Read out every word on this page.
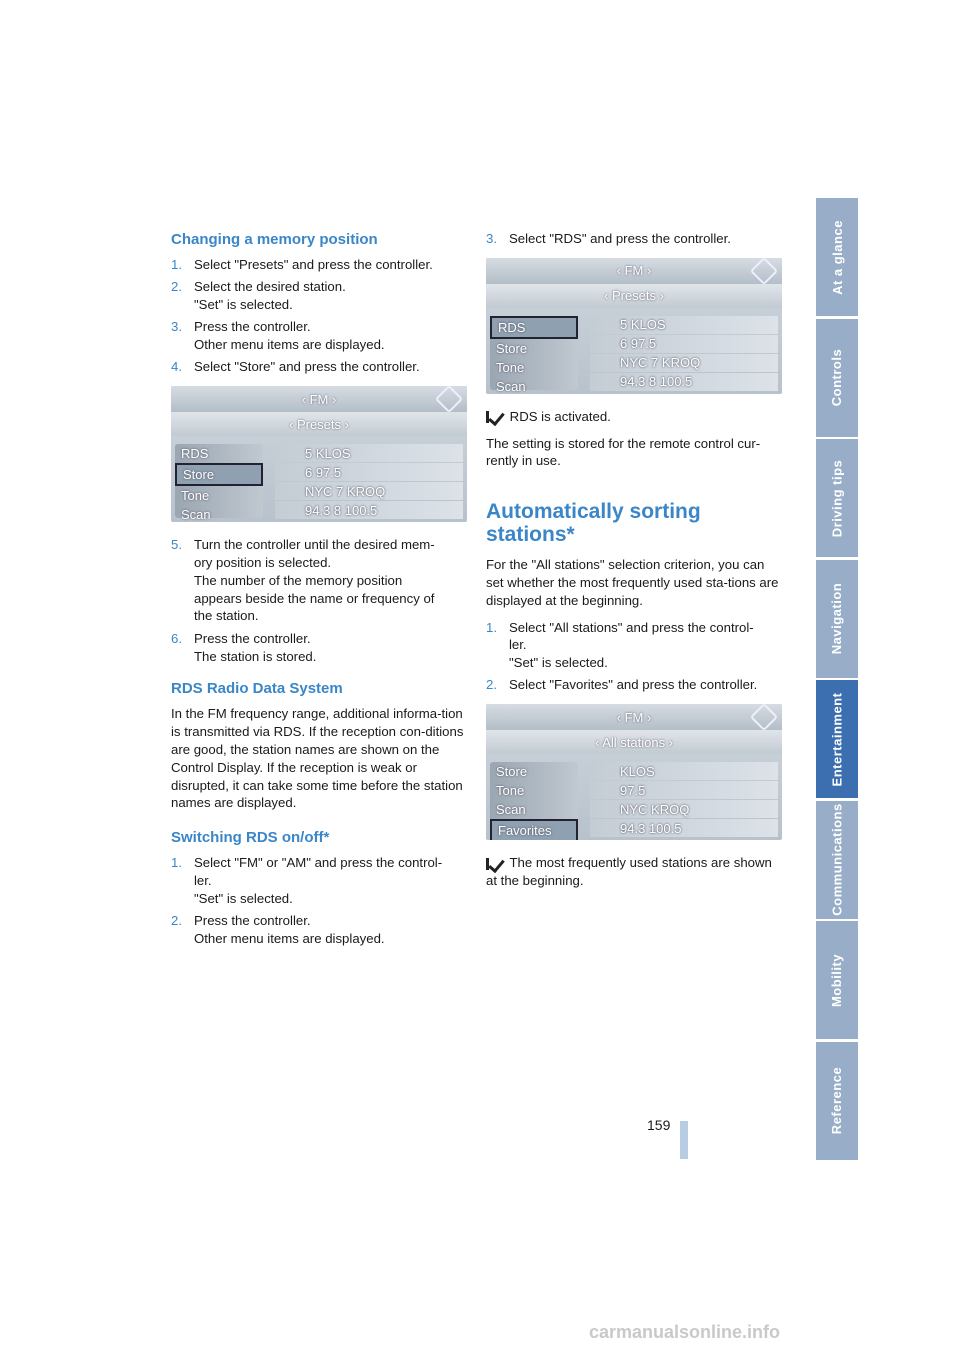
Changing a memory position
1. Select "Presets" and press the controller.
2. Select the desired station.
"Set" is selected.
3. Press the controller.
Other menu items are displayed.
4. Select "Store" and press the controller.
‹ FM ›
‹ Presets ›
5 KLOS
6 97.5
NYC 7 KROQ
94.3 8 100.5
RDS
Store
Tone
Scan
5. Turn the controller until the desired mem-
ory position is selected.
The number of the memory position
appears beside the name or frequency of
the station.
6. Press the controller.
The station is stored.
RDS Radio Data System

In the FM frequency range, additional informa-tion is transmitted via RDS. If the reception con-ditions are good, the station names are shown on the Control Display. If the reception is weak or disrupted, it can take some time before the station names are displayed.

Switching RDS on/off*
1. Select "FM" or "AM" and press the control-
ler.
"Set" is selected.
2. Press the controller.
Other menu items are displayed.
3. Select "RDS" and press the controller.
‹ FM ›
‹ Presets ›
5 KLOS
6 97.5
NYC 7 KROQ
94.3 8 100.5
RDS
Store
Tone
Scan

RDS is activated.

The setting is stored for the remote control cur-rently in use.

Automatically sorting stations*

For the "All stations" selection criterion, you can set whether the most frequently used sta-tions are displayed at the beginning.

1. Select "All stations" and press the control-
ler.
"Set" is selected.
2. Select "Favorites" and press the controller.
‹ FM ›
‹ All stations ›
KLOS
97.5
NYC KROQ
94.3 100.5
Store
Tone
Scan
Favorites

The most frequently used stations are shown at the beginning.

At a glance
Controls
Driving tips
Navigation
Entertainment
Communications
Mobility
Reference
159
carmanualsonline.info
